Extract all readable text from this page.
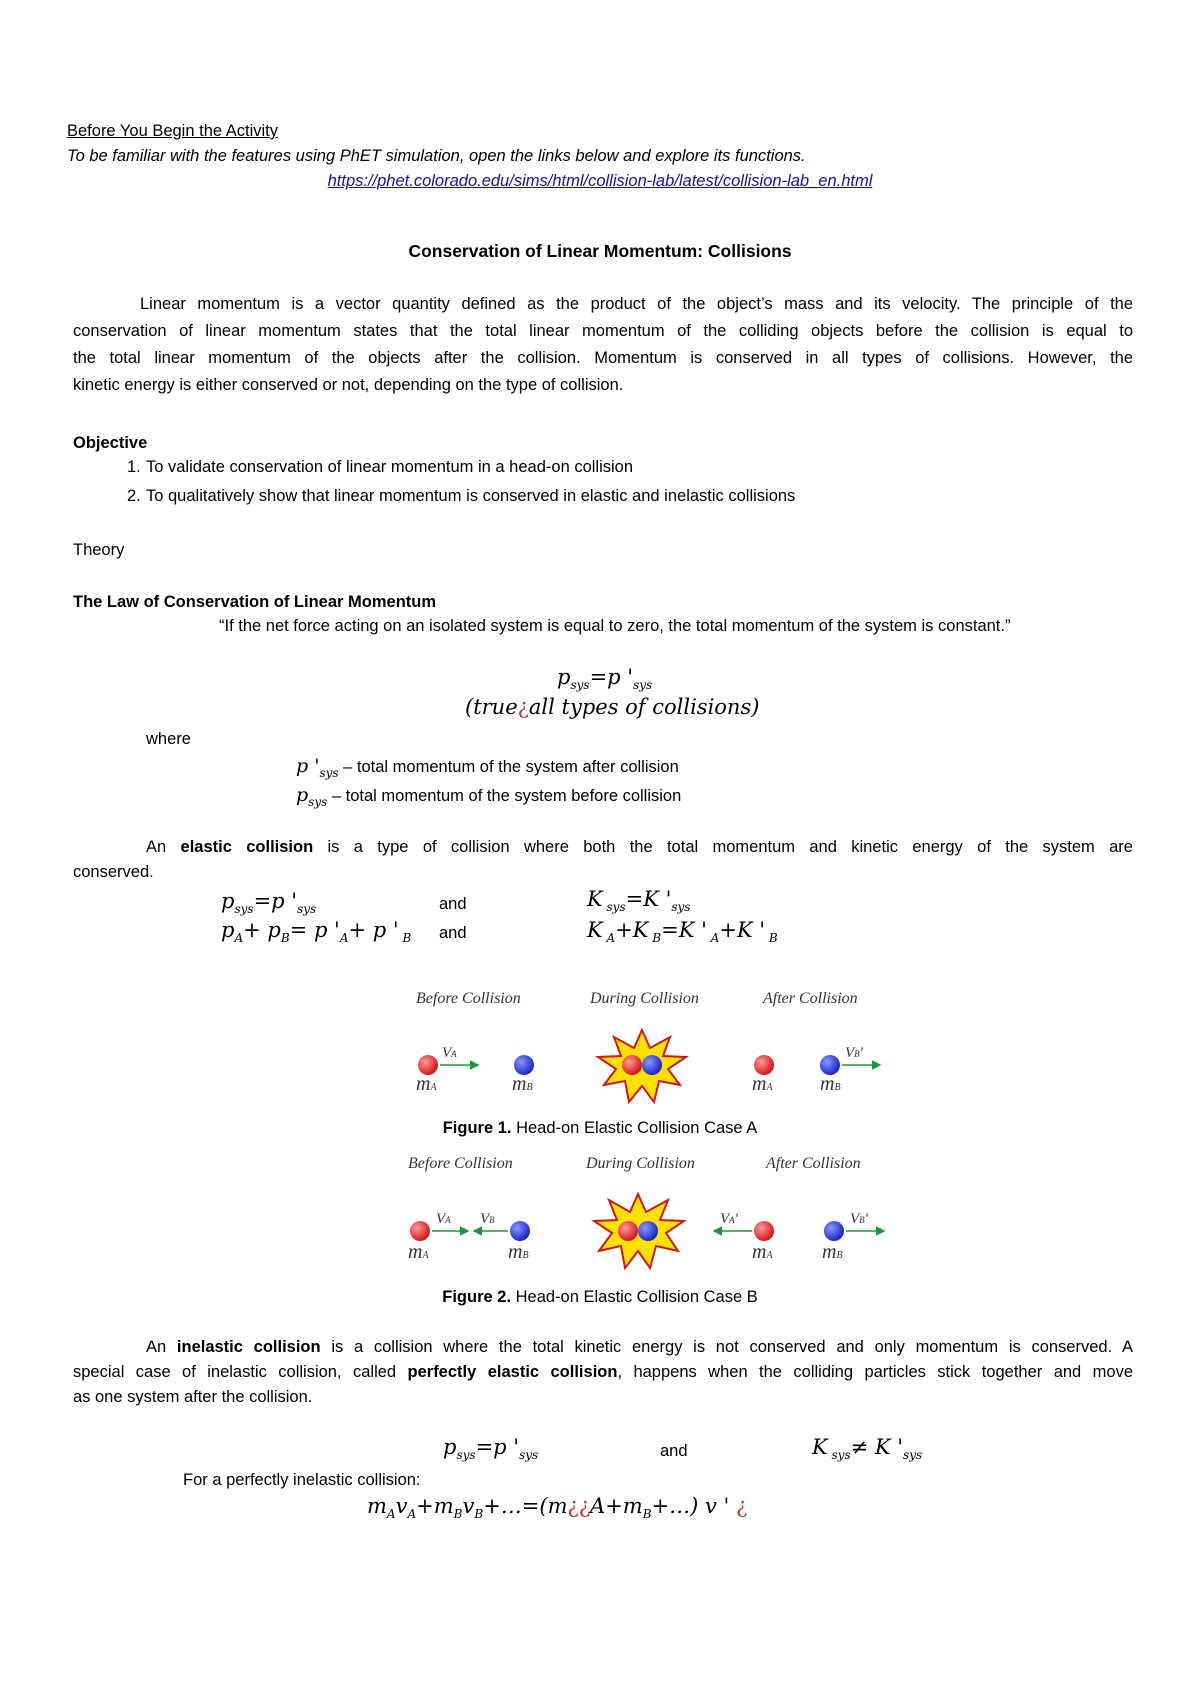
Before You Begin the Activity
To be familiar with the features using PhET simulation, open the links below and explore its functions.
https://phet.colorado.edu/sims/html/collision-lab/latest/collision-lab_en.html
Conservation of Linear Momentum: Collisions
Linear momentum is a vector quantity defined as the product of the object’s mass and its velocity. The principle of the
conservation of linear momentum states that the total linear momentum of the colliding objects before the collision is equal to
the total linear momentum of the objects after the collision. Momentum is conserved in all types of collisions. However, the
kinetic energy is either conserved or not, depending on the type of collision.
Objective
1. To validate conservation of linear momentum in a head-on collision
2. To qualitatively show that linear momentum is conserved in elastic and inelastic collisions
Theory
The Law of Conservation of Linear Momentum
“If the net force acting on an isolated system is equal to zero, the total momentum of the system is constant.”
$p_{sys}=p$ '$_{sys}$
(true¿all types of collisions)
where
p '$_{sys}$ – total momentum of the system after collision
$p_{sys}$ – total momentum of the system before collision
An elastic collision is a type of collision where both the total momentum and kinetic energy of the system are
conserved.
$p_{sys}=p$ '$_{sys}$	and	K $_{sys}$=K '$_{sys}$
$p_A+ p_B= p$ '$_A+ p$ ' $_B$ and	K $_A$+K $_B$=K ' $_A$+K ' $_B$
Before Collision	During Collision	After Collision
VA
mA	mB	mA
VB'
mB
Figure 1. Head-on Elastic Collision Case A
Before Collision	During Collision	After Collision
VA VB
mA	mB
VA'
mA
VB'
mB
Figure 2. Head-on Elastic Collision Case B
An inelastic collision is a collision where the total kinetic energy is not conserved and only momentum is conserved. A
special case of inelastic collision, called perfectly elastic collision, happens when the colliding particles stick together and move
as one system after the collision.
$p_{sys}=p$ '$_{sys}$	and	K $_{sys}$≠ K '$_{sys}$
For a perfectly inelastic collision:
$m_Av_A+m_Bv_B+\dots=(m¿¿A+m_B+\dots)$ v ' ¿
